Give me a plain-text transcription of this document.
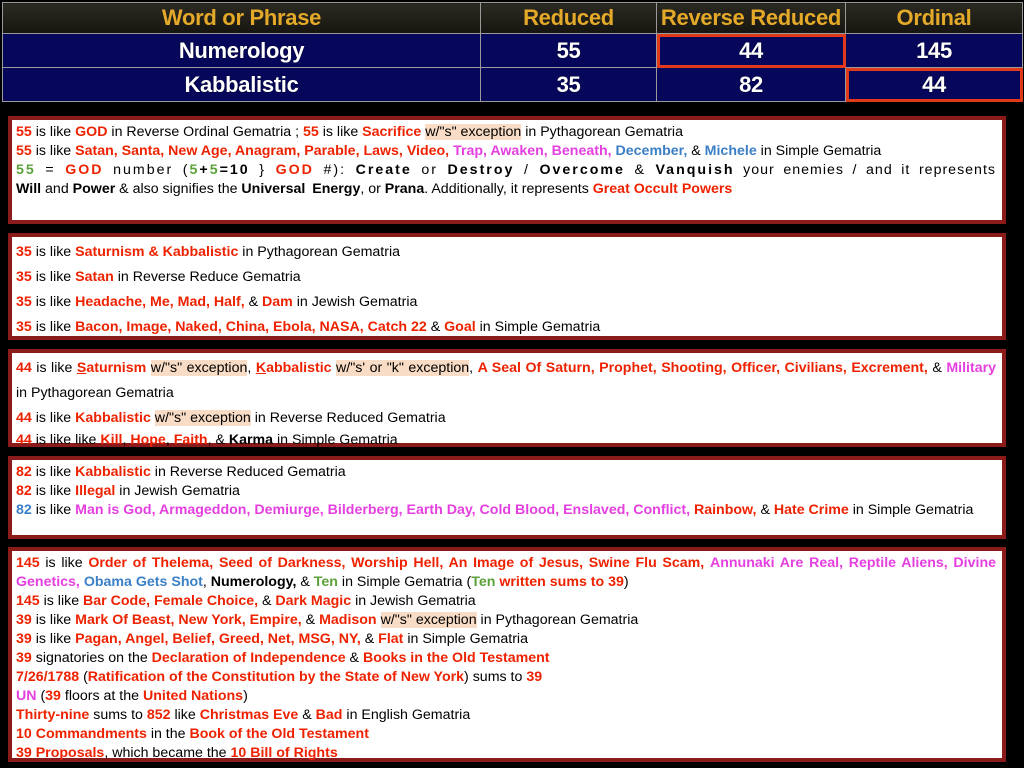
Word or Phrase	Reduced	Reverse Reduced	Ordinal
Numerology	55	44	145
Kabbalistic	35	82	44

55 is like GOD in Reverse Ordinal Gematria ; 55 is like Sacrifice w/"s" exception in Pythagorean Gematria

55 is like Satan, Santa, New Age, Anagram, Parable, Laws, Video, Trap, Awaken, Beneath, December, & Michele in Simple Gematria

55 = GOD number (5+5=10 } GOD #): Create or Destroy / Overcome & Vanquish your enemies / and it represents Will and Power & also signifies the Universal Energy, or Prana. Additionally, it represents Great Occult Powers

35 is like Saturnism & Kabbalistic in Pythagorean Gematria

35 is like Satan in Reverse Reduce Gematria

35 is like Headache, Me, Mad, Half, & Dam in Jewish Gematria

35 is like Bacon, Image, Naked, China, Ebola, NASA, Catch 22 & Goal in Simple Gematria

44 is like Saturnism w/"s" exception, Kabbalistic w/"s' or "k" exception, A Seal Of Saturn, Prophet, Shooting, Officer, Civilians, Excrement, & Military in Pythagorean Gematria

44 is like Kabbalistic w/"s" exception in Reverse Reduced Gematria

44 is like like Kill, Hope, Faith, & Karma in Simple Gematria

82 is like Kabbalistic in Reverse Reduced Gematria

82 is like Illegal in Jewish Gematria

82 is like Man is God, Armageddon, Demiurge, Bilderberg, Earth Day, Cold Blood, Enslaved, Conflict, Rainbow, & Hate Crime in Simple Gematria

145 is like Order of Thelema, Seed of Darkness, Worship Hell, An Image of Jesus, Swine Flu Scam, Annunaki Are Real, Reptile Aliens, Divine Genetics, Obama Gets Shot, Numerology, & Ten in Simple Gematria (Ten written sums to 39)

145 is like Bar Code, Female Choice, & Dark Magic in Jewish Gematria

39 is like Mark Of Beast, New York, Empire, & Madison w/"s" exception in Pythagorean Gematria

39 is like Pagan, Angel, Belief, Greed, Net, MSG, NY, & Flat in Simple Gematria

39 signatories on the Declaration of Independence & Books in the Old Testament

7/26/1788 (Ratification of the Constitution by the State of New York) sums to 39

UN (39 floors at the United Nations)

Thirty-nine sums to 852 like Christmas Eve & Bad in English Gematria

10 Commandments in the Book of the Old Testament

39 Proposals, which became the 10 Bill of Rights
